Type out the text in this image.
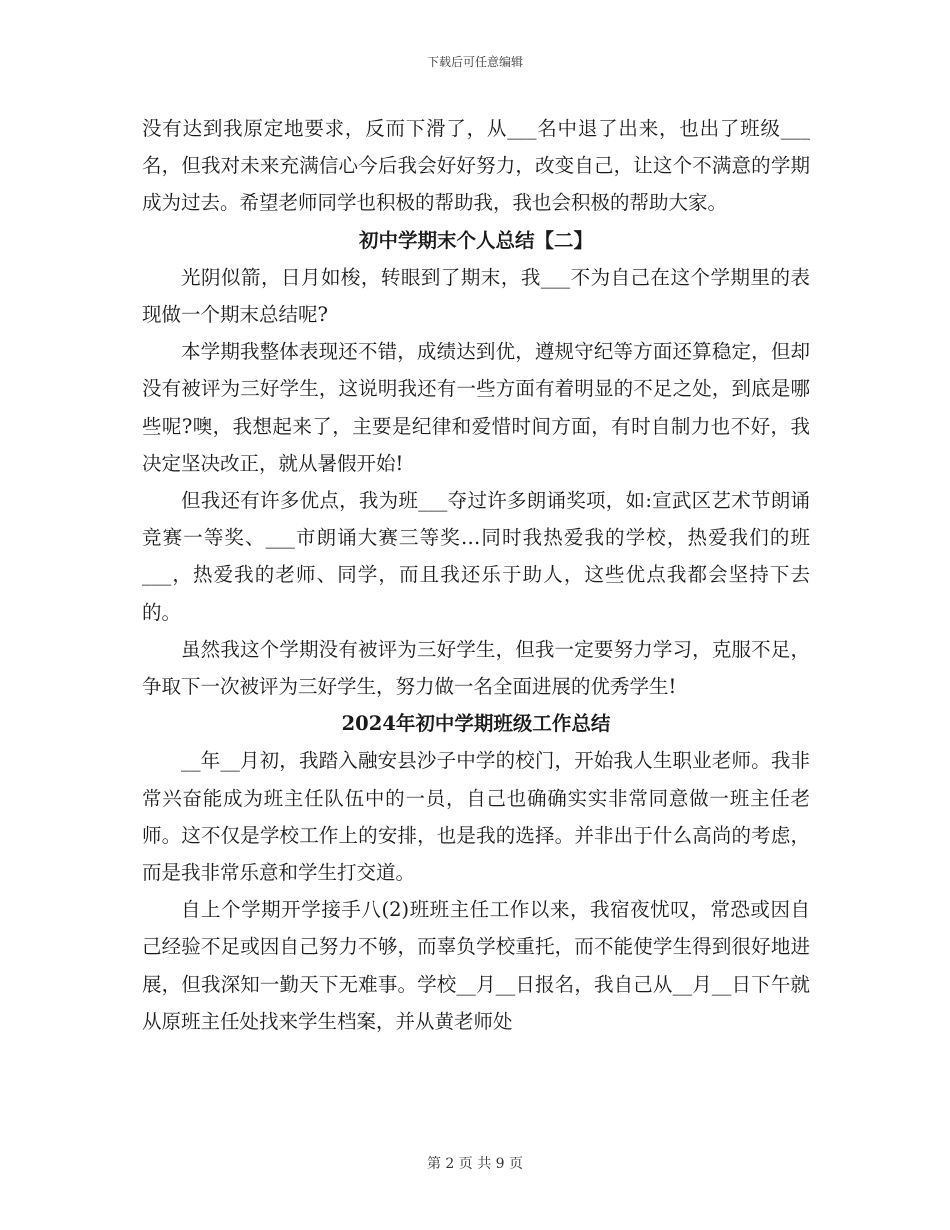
下载后可任意编辑

没有达到我原定地要求，反而下滑了，从___名中退了出来，也出了班级___名，但我对未来充满信心今后我会好好努力，改变自己，让这个不满意的学期成为过去。希望老师同学也积极的帮助我，我也会积极的帮助大家。

初中学期末个人总结【二】

光阴似箭，日月如梭，转眼到了期末，我___不为自己在这个学期里的表现做一个期末总结呢?

本学期我整体表现还不错，成绩达到优，遵规守纪等方面还算稳定，但却没有被评为三好学生，这说明我还有一些方面有着明显的不足之处，到底是哪些呢?噢，我想起来了，主要是纪律和爱惜时间方面，有时自制力也不好，我决定坚决改正，就从暑假开始!

但我还有许多优点，我为班___夺过许多朗诵奖项，如:宣武区艺术节朗诵竞赛一等奖、___市朗诵大赛三等奖…同时我热爱我的学校，热爱我们的班___，热爱我的老师、同学，而且我还乐于助人，这些优点我都会坚持下去的。

虽然我这个学期没有被评为三好学生，但我一定要努力学习，克服不足，争取下一次被评为三好学生，努力做一名全面进展的优秀学生!

2024年初中学期班级工作总结

__年__月初，我踏入融安县沙子中学的校门，开始我人生职业老师。我非常兴奋能成为班主任队伍中的一员，自己也确确实实非常同意做一班主任老师。这不仅是学校工作上的安排，也是我的选择。并非出于什么高尚的考虑，而是我非常乐意和学生打交道。

自上个学期开学接手八(2)班班主任工作以来，我宿夜忧叹，常恐或因自己经验不足或因自己努力不够，而辜负学校重托，而不能使学生得到很好地进展，但我深知一勤天下无难事。学校__月__日报名，我自己从__月__日下午就从原班主任处找来学生档案，并从黄老师处

第 2 页 共 9 页
